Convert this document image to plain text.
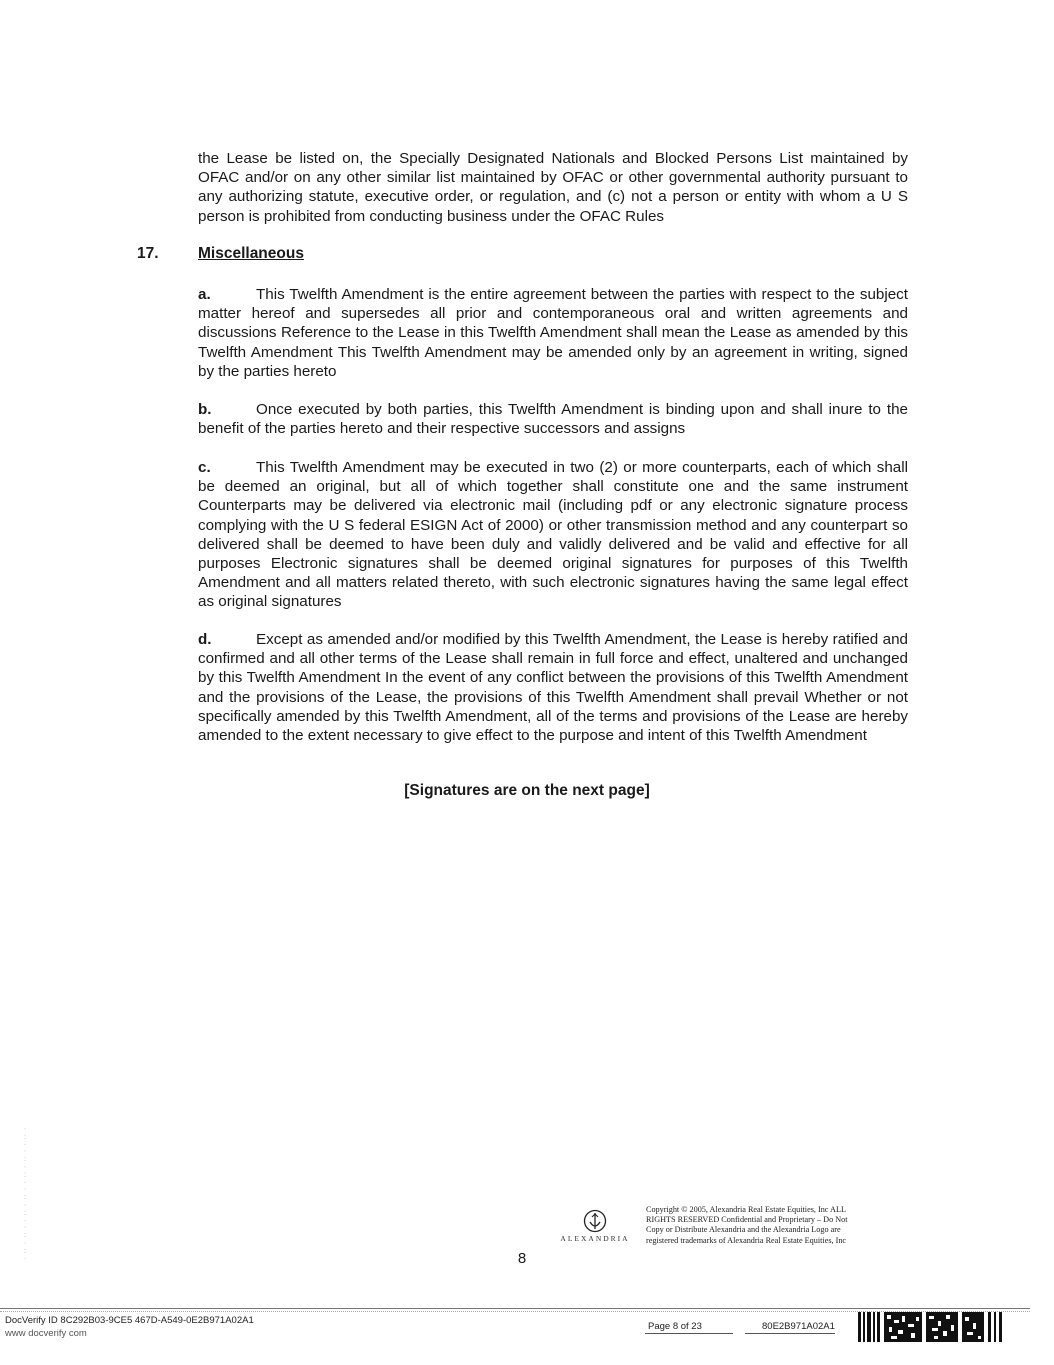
the Lease be listed on, the Specially Designated Nationals and Blocked Persons List maintained by OFAC and/or on any other similar list maintained by OFAC or other governmental authority pursuant to any authorizing statute, executive order, or regulation, and (c) not a person or entity with whom a U S person is prohibited from conducting business under the OFAC Rules

17.	Miscellaneous

a.	This Twelfth Amendment is the entire agreement between the parties with respect to the subject matter hereof and supersedes all prior and contemporaneous oral and written agreements and discussions Reference to the Lease in this Twelfth Amendment shall mean the Lease as amended by this Twelfth Amendment This Twelfth Amendment may be amended only by an agreement in writing, signed by the parties hereto

b.	Once executed by both parties, this Twelfth Amendment is binding upon and shall inure to the benefit of the parties hereto and their respective successors and assigns

c.	This Twelfth Amendment may be executed in two (2) or more counterparts, each of which shall be deemed an original, but all of which together shall constitute one and the same instrument Counterparts may be delivered via electronic mail (including pdf or any electronic signature process complying with the U S federal ESIGN Act of 2000) or other transmission method and any counterpart so delivered shall be deemed to have been duly and validly delivered and be valid and effective for all purposes Electronic signatures shall be deemed original signatures for purposes of this Twelfth Amendment and all matters related thereto, with such electronic signatures having the same legal effect as original signatures

d.	Except as amended and/or modified by this Twelfth Amendment, the Lease is hereby ratified and confirmed and all other terms of the Lease shall remain in full force and effect, unaltered and unchanged by this Twelfth Amendment In the event of any conflict between the provisions of this Twelfth Amendment and the provisions of the Lease, the provisions of this Twelfth Amendment shall prevail Whether or not specifically amended by this Twelfth Amendment, all of the terms and provisions of the Lease are hereby amended to the extent necessary to give effect to the purpose and intent of this Twelfth Amendment

[Signatures are on the next page]
· ·· · ·· · · ·· · ·· · · ·· · ·· · · ·· ·	ALEXANDRIA
Copyright © 2005, Alexandria Real Estate Equities, Inc ALL
RIGHTS RESERVED Confidential and Proprietary – Do Not
Copy or Distribute Alexandria and the Alexandria Logo are
registered trademarks of Alexandria Real Estate Equities, Inc
8
DocVerify ID 8C292B03-9CE5 467D-A549-0E2B971A02A1
www docverify com
Page 8 of 23	80E2B971A02A1
